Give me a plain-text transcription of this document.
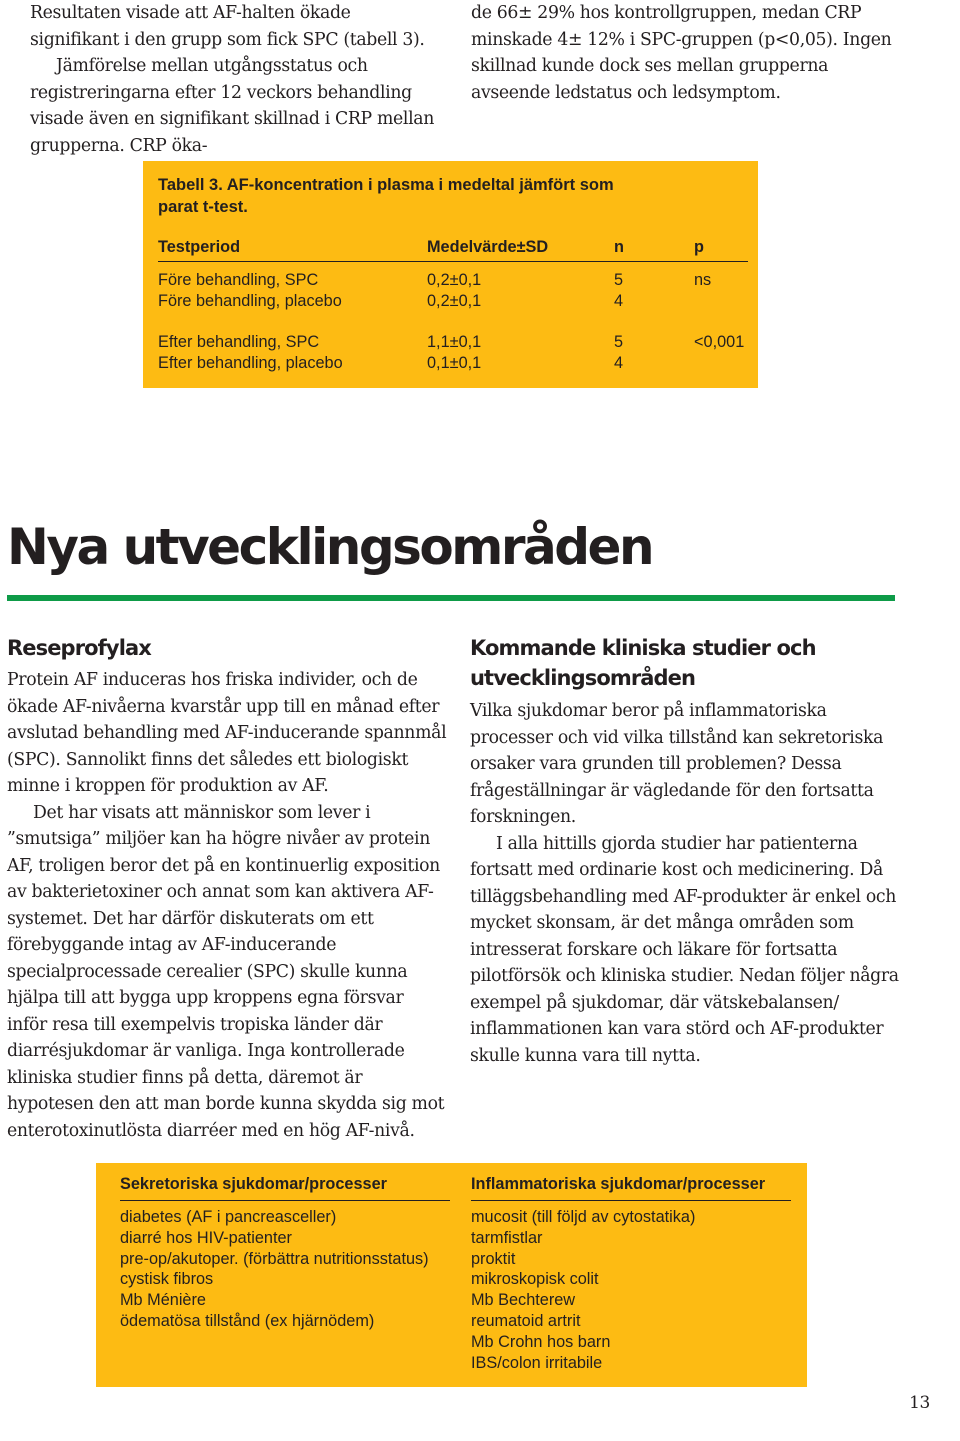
Resultaten visade att AF-halten ökade signifikant i den grupp som fick SPC (tabell 3).

Jämförelse mellan utgångsstatus och registreringarna efter 12 veckors behandling visade även en signifikant skillnad i CRP mellan grupperna. CRP öka-

de 66± 29% hos kontrollgruppen, medan CRP minskade 4± 12% i SPC-gruppen (p<0,05). Ingen skillnad kunde dock ses mellan grupperna avseende ledstatus och ledsymptom.

Tabell 3. AF-koncentration i plasma i medeltal jämfört som
parat t-test.
Testperiod	Medelvärde±SD	n	p
Före behandling, SPC	0,2±0,1	5	ns
Före behandling, placebo	0,2±0,1	4
Efter behandling, SPC	1,1±0,1	5	<0,001
Efter behandling, placebo	0,1±0,1	4
Nya utvecklingsområden
Reseprofylax

Protein AF induceras hos friska individer, och de ökade AF-nivåerna kvarstår upp till en månad efter avslutad behandling med AF-inducerande spannmål (SPC). Sannolikt finns det således ett biologiskt minne i kroppen för produktion av AF.

Det har visats att människor som lever i ”smutsiga” miljöer kan ha högre nivåer av protein AF, troligen beror det på en kontinuerlig exposition av bakterietoxiner och annat som kan aktivera AF-systemet. Det har därför diskuterats om ett förebyggande intag av AF-inducerande specialprocessade cerealier (SPC) skulle kunna hjälpa till att bygga upp kroppens egna försvar inför resa till exempelvis tropiska länder där diarrésjukdomar är vanliga. Inga kontrollerade kliniska studier finns på detta, däremot är hypotesen den att man borde kunna skydda sig mot enterotoxinutlösta diarréer med en hög AF-nivå.

Kommande kliniska studier och
utvecklingsområden

Vilka sjukdomar beror på inflammatoriska processer och vid vilka tillstånd kan sekretoriska orsaker vara grunden till problemen? Dessa frågeställningar är vägledande för den fortsatta forskningen.

I alla hittills gjorda studier har patienterna fortsatt med ordinarie kost och medicinering. Då tilläggsbehandling med AF-produkter är enkel och mycket skonsam, är det många områden som intresserat forskare och läkare för fortsatta pilotförsök och kliniska studier. Nedan följer några exempel på sjukdomar, där vätskebalansen/ inflammationen kan vara störd och AF-produkter skulle kunna vara till nytta.

Sekretoriska sjukdomar/processer
diabetes (AF i pancreasceller)
diarré hos HIV-patienter
pre-op/akutoper. (förbättra nutritionsstatus)
cystisk fibros
Mb Ménière
ödematösa tillstånd (ex hjärnödem)
Inflammatoriska sjukdomar/processer
mucosit (till följd av cytostatika)
tarmfistlar
proktit
mikroskopisk colit
Mb Bechterew
reumatoid artrit
Mb Crohn hos barn
IBS/colon irritabile
13
